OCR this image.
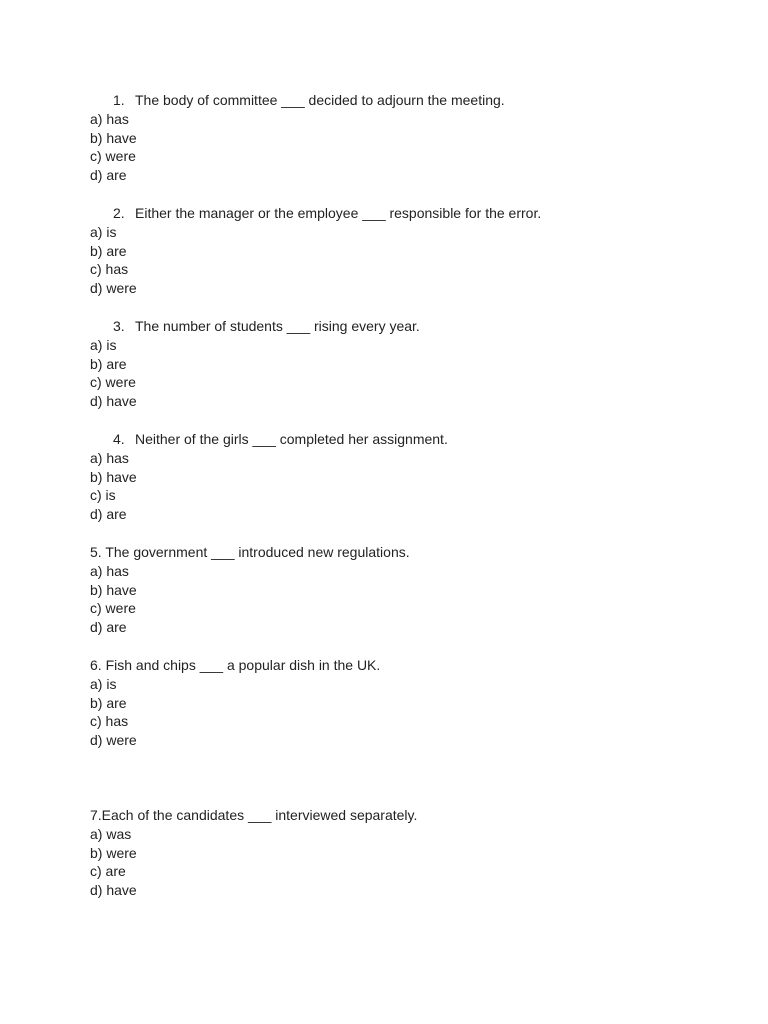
1. The body of committee ___ decided to adjourn the meeting.
a) has
b) have
c) were
d) are
2. Either the manager or the employee ___ responsible for the error.
a) is
b) are
c) has
d) were
3. The number of students ___ rising every year.
a) is
b) are
c) were
d) have
4. Neither of the girls ___ completed her assignment.
a) has
b) have
c) is
d) are
5. The government ___ introduced new regulations.
a) has
b) have
c) were
d) are
6. Fish and chips ___ a popular dish in the UK.
a) is
b) are
c) has
d) were
7.Each of the candidates ___ interviewed separately.
a) was
b) were
c) are
d) have
